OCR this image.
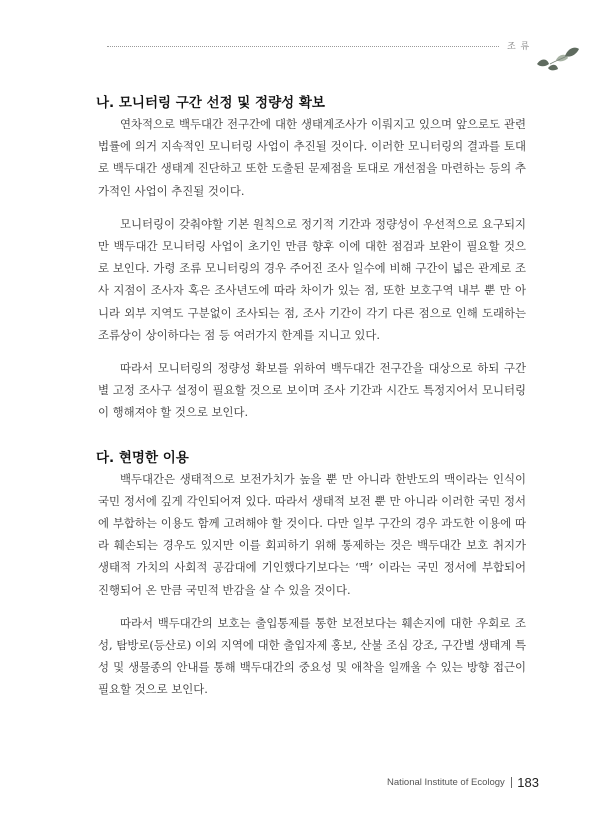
조 류
나. 모니터링 구간 선정 및 정량성 확보

연차적으로 백두대간 전구간에 대한 생태계조사가 이뤄지고 있으며 앞으로도 관련 법률에 의거 지속적인 모니터링 사업이 추진될 것이다. 이러한 모니터링의 결과를 토대로 백두대간 생태계 진단하고 또한 도출된 문제점을 토대로 개선점을 마련하는 등의 추가적인 사업이 추진될 것이다.

모니터링이 갖춰야할 기본 원칙으로 정기적 기간과 정량성이 우선적으로 요구되지만 백두대간 모니터링 사업이 초기인 만큼 향후 이에 대한 점검과 보완이 필요할 것으로 보인다. 가령 조류 모니터링의 경우 주어진 조사 일수에 비해 구간이 넓은 관계로 조사 지점이 조사자 혹은 조사년도에 따라 차이가 있는 점, 또한 보호구역 내부 뿐 만 아니라 외부 지역도 구분없이 조사되는 점, 조사 기간이 각기 다른 점으로 인해 도래하는 조류상이 상이하다는 점 등 여러가지 한계를 지니고 있다.

따라서 모니터링의 정량성 확보를 위하여 백두대간 전구간을 대상으로 하되 구간별 고정 조사구 설정이 필요할 것으로 보이며 조사 기간과 시간도 특정지어서 모니터링이 행해져야 할 것으로 보인다.

다. 현명한 이용

백두대간은 생태적으로 보전가치가 높을 뿐 만 아니라 한반도의 맥이라는 인식이 국민 정서에 깊게 각인되어져 있다. 따라서 생태적 보전 뿐 만 아니라 이러한 국민 정서에 부합하는 이용도 함께 고려해야 할 것이다. 다만 일부 구간의 경우 과도한 이용에 따라 훼손되는 경우도 있지만 이를 회피하기 위해 통제하는 것은 백두대간 보호 취지가 생태적 가치의 사회적 공감대에 기인했다기보다는 ‘맥’ 이라는 국민 정서에 부합되어 진행되어 온 만큼 국민적 반감을 살 수 있을 것이다.

따라서 백두대간의 보호는 출입통제를 통한 보전보다는 훼손지에 대한 우회로 조성, 탐방로(등산로) 이외 지역에 대한 출입자제 홍보, 산불 조심 강조, 구간별 생태계 특성 및 생물종의 안내를 통해 백두대간의 중요성 및 애착을 일깨울 수 있는 방향 접근이 필요할 것으로 보인다.

National Institute of Ecology 183
